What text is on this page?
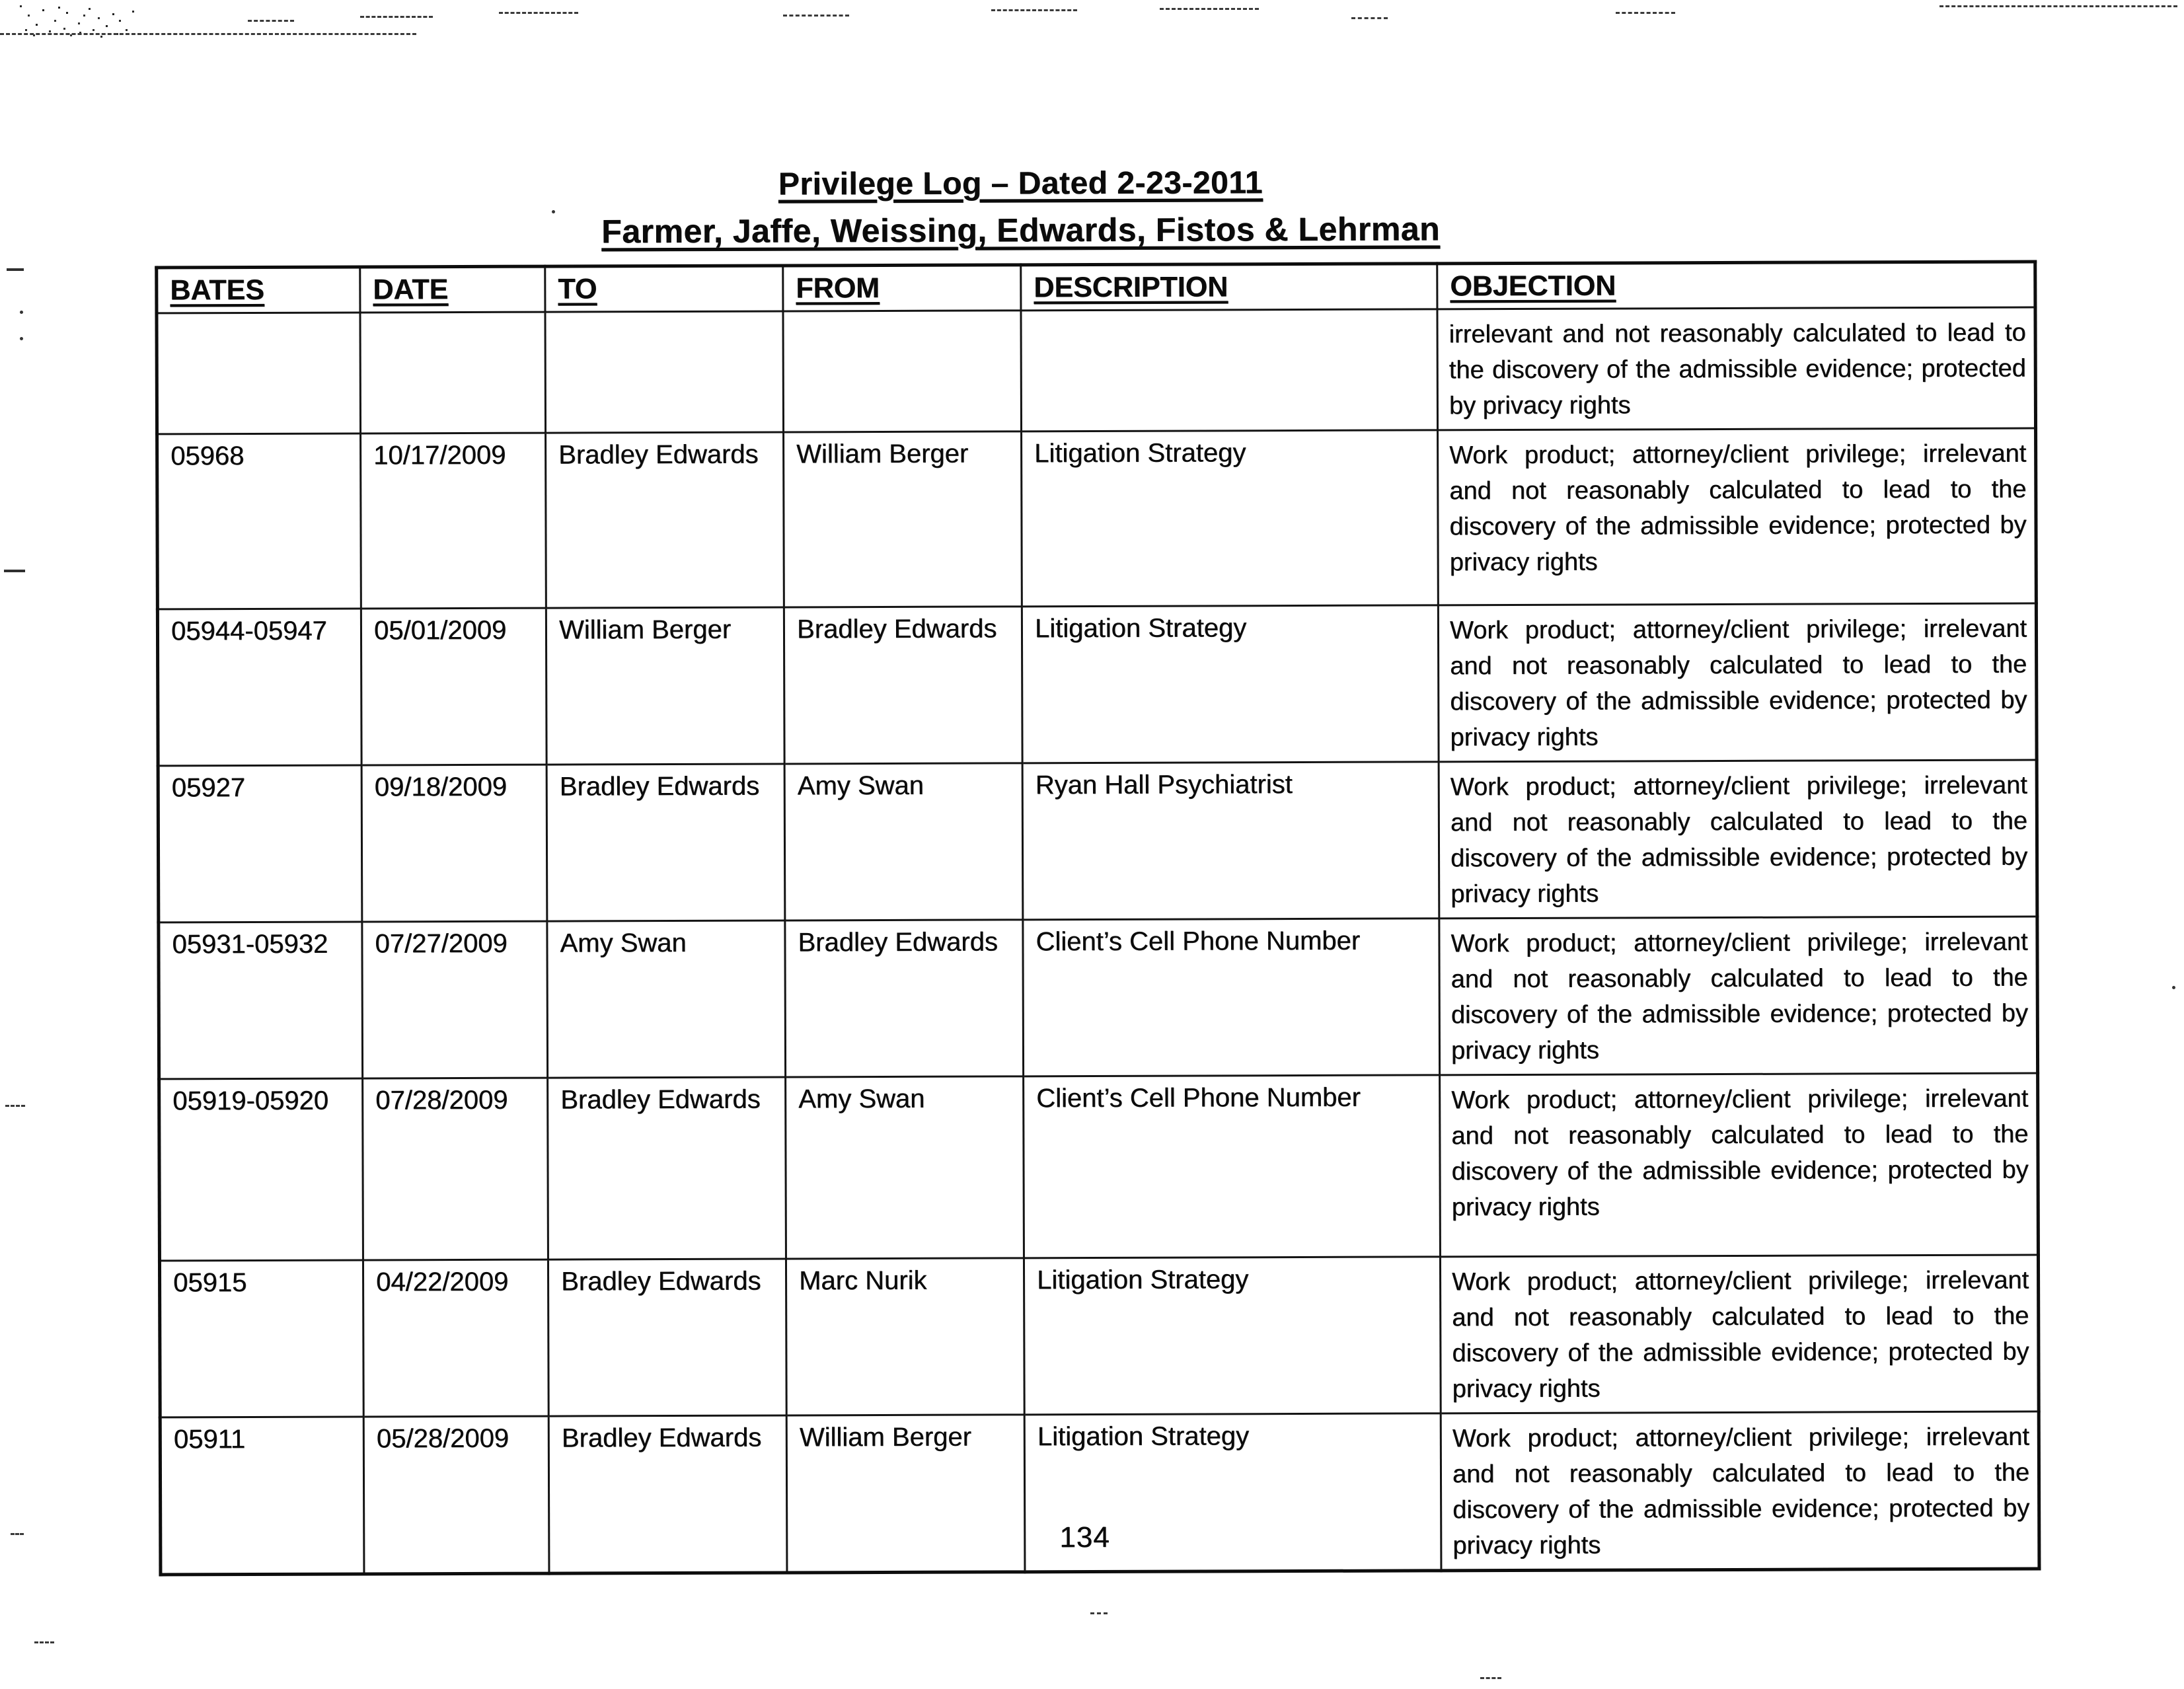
Privilege Log – Dated 2-23-2011
Farmer, Jaffe, Weissing, Edwards, Fistos & Lehrman
BATES	DATE	TO	FROM	DESCRIPTION	OBJECTION
					irrelevant and not reasonably calculated to lead to the discovery of the admissible evidence; protected by privacy rights
05968	10/17/2009	Bradley Edwards	William Berger	Litigation Strategy	Work product; attorney/client privilege; irrelevant and not reasonably calculated to lead to the discovery of the admissible evidence; protected by privacy rights
05944-05947	05/01/2009	William Berger	Bradley Edwards	Litigation Strategy	Work product; attorney/client privilege; irrelevant and not reasonably calculated to lead to the discovery of the admissible evidence; protected by privacy rights
05927	09/18/2009	Bradley Edwards	Amy Swan	Ryan Hall Psychiatrist	Work product; attorney/client privilege; irrelevant and not reasonably calculated to lead to the discovery of the admissible evidence; protected by privacy rights
05931-05932	07/27/2009	Amy Swan	Bradley Edwards	Client’s Cell Phone Number	Work product; attorney/client privilege; irrelevant and not reasonably calculated to lead to the discovery of the admissible evidence; protected by privacy rights
05919-05920	07/28/2009	Bradley Edwards	Amy Swan	Client’s Cell Phone Number	Work product; attorney/client privilege; irrelevant and not reasonably calculated to lead to the discovery of the admissible evidence; protected by privacy rights
05915	04/22/2009	Bradley Edwards	Marc Nurik	Litigation Strategy	Work product; attorney/client privilege; irrelevant and not reasonably calculated to lead to the discovery of the admissible evidence; protected by privacy rights
05911	05/28/2009	Bradley Edwards	William Berger	Litigation Strategy	Work product; attorney/client privilege; irrelevant and not reasonably calculated to lead to the discovery of the admissible evidence; protected by privacy rights
134
